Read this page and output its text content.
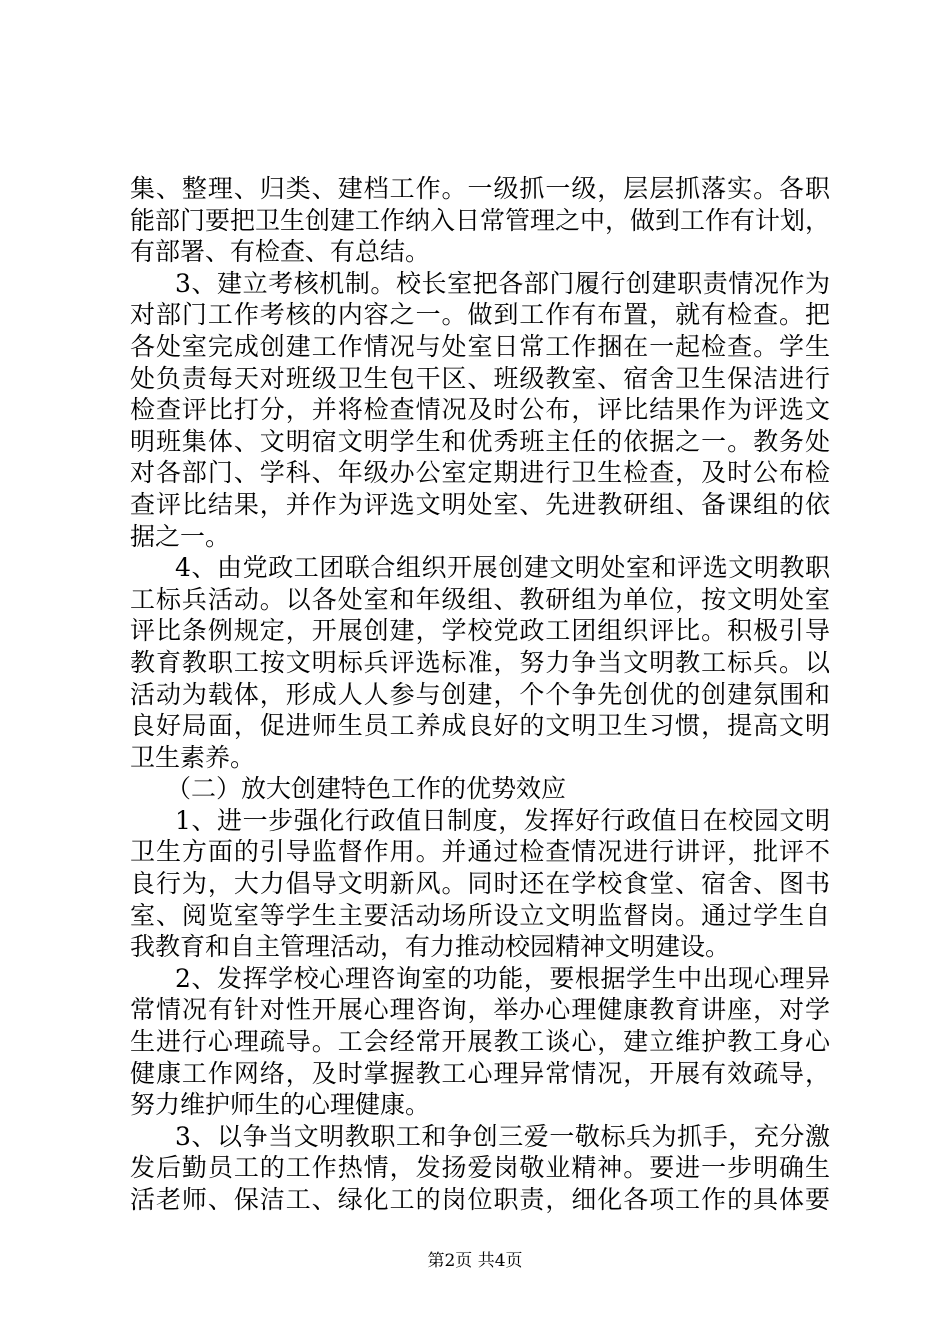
集、整理、归类、建档工作。一级抓一级，层层抓落实。各职
能部门要把卫生创建工作纳入日常管理之中，做到工作有计划，
有部署、有检查、有总结。
3、建立考核机制。校长室把各部门履行创建职责情况作为
对部门工作考核的内容之一。做到工作有布置，就有检查。把
各处室完成创建工作情况与处室日常工作捆在一起检查。学生
处负责每天对班级卫生包干区、班级教室、宿舍卫生保洁进行
检查评比打分，并将检查情况及时公布，评比结果作为评选文
明班集体、文明宿文明学生和优秀班主任的依据之一。教务处
对各部门、学科、年级办公室定期进行卫生检查，及时公布检
查评比结果，并作为评选文明处室、先进教研组、备课组的依
据之一。
4、由党政工团联合组织开展创建文明处室和评选文明教职
工标兵活动。以各处室和年级组、教研组为单位，按文明处室
评比条例规定，开展创建，学校党政工团组织评比。积极引导
教育教职工按文明标兵评选标准，努力争当文明教工标兵。以
活动为载体，形成人人参与创建，个个争先创优的创建氛围和
良好局面，促进师生员工养成良好的文明卫生习惯，提高文明
卫生素养。
（二）放大创建特色工作的优势效应
1、进一步强化行政值日制度，发挥好行政值日在校园文明
卫生方面的引导监督作用。并通过检查情况进行讲评，批评不
良行为，大力倡导文明新风。同时还在学校食堂、宿舍、图书
室、阅览室等学生主要活动场所设立文明监督岗。通过学生自
我教育和自主管理活动，有力推动校园精神文明建设。
2、发挥学校心理咨询室的功能，要根据学生中出现心理异
常情况有针对性开展心理咨询，举办心理健康教育讲座，对学
生进行心理疏导。工会经常开展教工谈心，建立维护教工身心
健康工作网络，及时掌握教工心理异常情况，开展有效疏导，
努力维护师生的心理健康。
3、以争当文明教职工和争创三爱一敬标兵为抓手，充分激
发后勤员工的工作热情，发扬爱岗敬业精神。要进一步明确生
活老师、保洁工、绿化工的岗位职责，细化各项工作的具体要
第2页 共4页
